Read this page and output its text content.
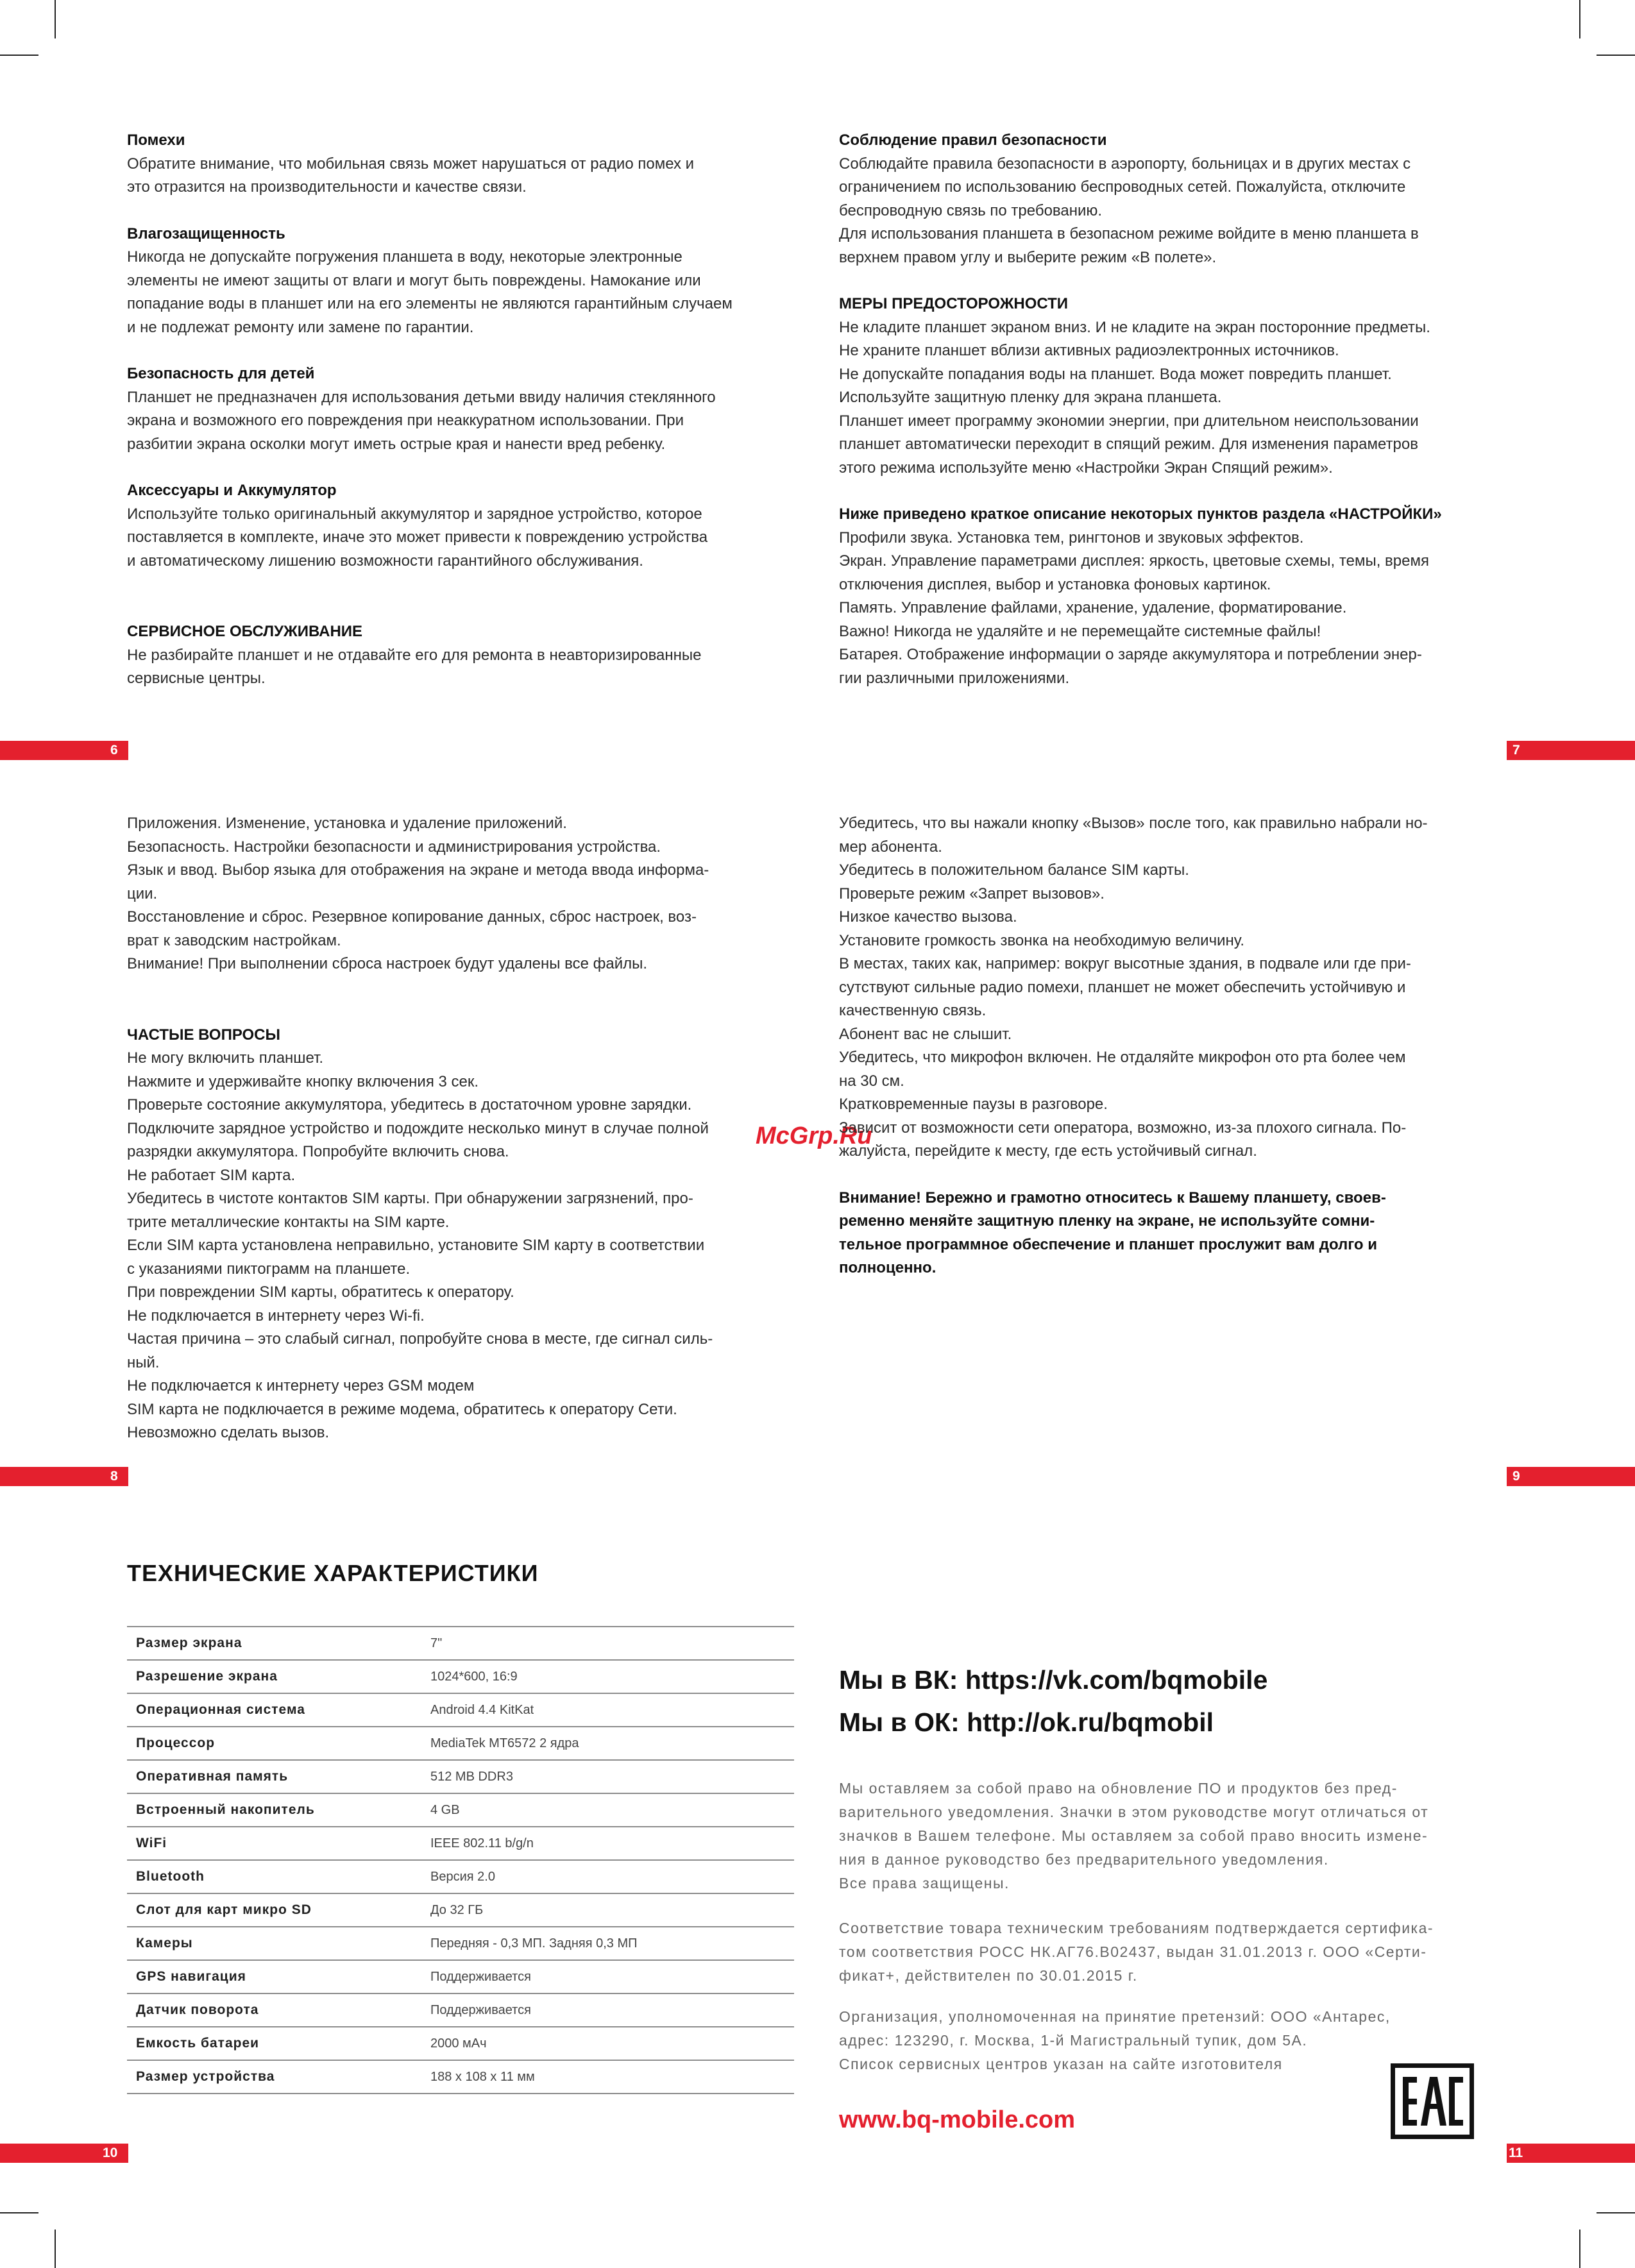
Помехи

Обратите внимание, что мобильная связь может нарушаться от радио помех и

это отразится на производительности и качестве связи.

Влагозащищенность

Никогда не допускайте погружения планшета в воду, некоторые электронные

элементы не имеют защиты от влаги и могут быть повреждены. Намокание или

попадание воды в планшет или на его элементы не являются гарантийным случаем

и не подлежат ремонту или замене по гарантии.

Безопасность для детей

Планшет не предназначен для использования детьми ввиду наличия стеклянного

экрана и возможного его повреждения при неаккуратном использовании. При

разбитии экрана осколки могут иметь острые края и нанести вред ребенку.

Аксессуары и Аккумулятор

Используйте только оригинальный аккумулятор и зарядное устройство, которое

поставляется в комплекте, иначе это может привести к повреждению устройства

и автоматическому лишению возможности гарантийного обслуживания.

СЕРВИСНОЕ ОБСЛУЖИВАНИЕ

Не разбирайте планшет и не отдавайте его для ремонта в неавторизированные

сервисные центры.

6

Соблюдение правил безопасности

Соблюдайте правила безопасности в аэропорту, больницах и в других местах с

ограничением по использованию беспроводных сетей. Пожалуйста, отключите

беспроводную связь по требованию.

Для использования планшета в безопасном режиме войдите в меню планшета в

верхнем правом углу и выберите режим «В полете».

МЕРЫ ПРЕДОСТОРОЖНОСТИ

Не кладите планшет экраном вниз. И не кладите на экран посторонние предметы.

Не храните планшет вблизи активных радиоэлектронных источников.

Не допускайте попадания воды на планшет. Вода может повредить планшет.

Используйте защитную пленку для экрана планшета.

Планшет имеет программу экономии энергии, при длительном неиспользовании

планшет автоматически переходит в спящий режим. Для изменения параметров

этого режима используйте меню «Настройки Экран Спящий режим».

Ниже приведено краткое описание некоторых пунктов раздела «НАСТРОЙКИ»

Профили звука. Установка тем, рингтонов и звуковых эффектов.

Экран. Управление параметрами дисплея: яркость, цветовые схемы, темы, время

отключения дисплея, выбор и установка фоновых картинок.

Память. Управление файлами, хранение, удаление, форматирование.

Важно! Никогда не удаляйте и не перемещайте системные файлы!

Батарея. Отображение информации о заряде аккумулятора и потреблении энер-

гии различными приложениями.

7

Приложения. Изменение, установка и удаление приложений.

Безопасность. Настройки безопасности и администрирования устройства.

Язык и ввод. Выбор языка для отображения на экране и метода ввода информа-

ции.

Восстановление и сброс. Резервное копирование данных, сброс настроек, воз-

врат к заводским настройкам.

Внимание! При выполнении сброса настроек будут удалены все файлы.

ЧАСТЫЕ ВОПРОСЫ

Не могу включить планшет.

Нажмите и удерживайте кнопку включения 3 сек.

Проверьте состояние аккумулятора, убедитесь в достаточном уровне зарядки.

Подключите зарядное устройство и подождите несколько минут в случае полной

разрядки аккумулятора. Попробуйте включить снова.

Не работает SIM карта.

Убедитесь в чистоте контактов SIM карты. При обнаружении загрязнений, про-

трите металлические контакты на SIM карте.

Если SIM карта установлена неправильно, установите SIM карту в соответствии

с указаниями пиктограмм на планшете.

При повреждении SIM карты, обратитесь к оператору.

Не подключается в интернету через Wi-fi.

Частая причина – это слабый сигнал, попробуйте снова в месте, где сигнал силь-

ный.

Не подключается к интернету через GSM модем

SIM карта не подключается в режиме модема, обратитесь к оператору Сети.

Невозможно сделать вызов.

McGrp.Ru
8

Убедитесь, что вы нажали кнопку «Вызов» после того, как правильно набрали но-

мер абонента.

Убедитесь в положительном балансе SIM карты.

Проверьте режим «Запрет вызовов».

Низкое качество вызова.

Установите громкость звонка на необходимую величину.

В местах, таких как, например: вокруг высотные здания, в подвале или где при-

сутствуют сильные радио помехи, планшет не может обеспечить устойчивую и

качественную связь.

Абонент вас не слышит.

Убедитесь, что микрофон включен. Не отдаляйте микрофон ото рта более чем

на 30 см.

Кратковременные паузы в разговоре.

Зависит от возможности сети оператора, возможно, из-за плохого сигнала. По-

жалуйста, перейдите к месту, где есть устойчивый сигнал.

Внимание! Бережно и грамотно относитесь к Вашему планшету, своев-

ременно меняйте защитную пленку на экране, не используйте сомни-

тельное программное обеспечение и планшет прослужит вам долго и

полноценно.

9
ТЕХНИЧЕСКИЕ ХАРАКТЕРИСТИКИ
Размер экрана	7"
Разрешение экрана	1024*600, 16:9
Операционная система	Android 4.4 KitKat
Процессор	MediaTek MT6572 2 ядра
Оперативная память	512 MB DDR3
Встроенный накопитель	4 GB
WiFi	IEEE 802.11 b/g/n
Bluetooth	Версия 2.0
Слот для карт микро SD	До 32 ГБ
Камеры	Передняя - 0,3 МП. Задняя 0,3 МП
GPS навигация	Поддерживается
Датчик поворота	Поддерживается
Емкость батареи	2000 мАч
Размер устройства	188 x 108 x 11 мм
10
Мы в ВК: https://vk.com/bqmobile
Мы в ОК: http://ok.ru/bqmobil

Мы оставляем за собой право на обновление ПО и продуктов без пред-

варительного уведомления. Значки в этом руководстве могут отличаться от

значков в Вашем телефоне. Мы оставляем за собой право вносить измене-

ния в данное руководство без предварительного уведомления.

Все права защищены.

Соответствие товара техническим требованиям подтверждается сертифика-

том соответствия РОСС НК.АГ76.В02437, выдан 31.01.2013 г. ООО «Серти-

фикат+, действителен по 30.01.2015 г.

Организация, уполномоченная на принятие претензий: ООО «Антарес,

адрес: 123290, г. Москва, 1-й Магистральный тупик, дом 5А.

Список сервисных центров указан на сайте изготовителя

www.bq-mobile.com
11
